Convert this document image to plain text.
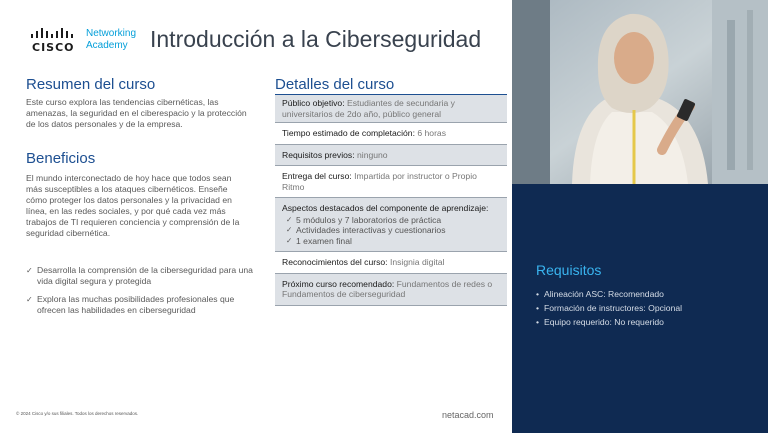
CISCO
Networking
Academy Introducción a la Ciberseguridad
Resumen del curso
Este curso explora las tendencias cibernéticas, las amenazas, la seguridad en el ciberespacio y la protección de los datos personales y de la empresa.
Beneficios
El mundo interconectado de hoy hace que todos sean más susceptibles a los ataques cibernéticos. Enseñe cómo proteger los datos personales y la privacidad en línea, en las redes sociales, y por qué cada vez más trabajos de TI requieren conciencia y comprensión de la seguridad cibernética.
✓ Desarrolla la comprensión de la ciberseguridad para una vida digital segura y protegida
✓ Explora las muchas posibilidades profesionales que ofrecen las habilidades en ciberseguridad
Detalles del curso
Público objetivo: Estudiantes de secundaria y universitarios de 2do año, público general
Tiempo estimado de completación: 6 horas
Requisitos previos: ninguno
Entrega del curso: Impartida por instructor o Propio Ritmo
Aspectos destacados del componente de aprendizaje:
✓ 5 módulos y 7 laboratorios de práctica
✓ Actividades interactivas y cuestionarios
✓ 1 examen final
Reconocimientos del curso: Insignia digital
Próximo curso recomendado: Fundamentos de redes o Fundamentos de ciberseguridad
© 2024 Cisco y/o sus filiales. Todos los derechos reservados.	netacad.com
Requisitos
• Alineación ASC: Recomendado
• Formación de instructores: Opcional
• Equipo requerido: No requerido
